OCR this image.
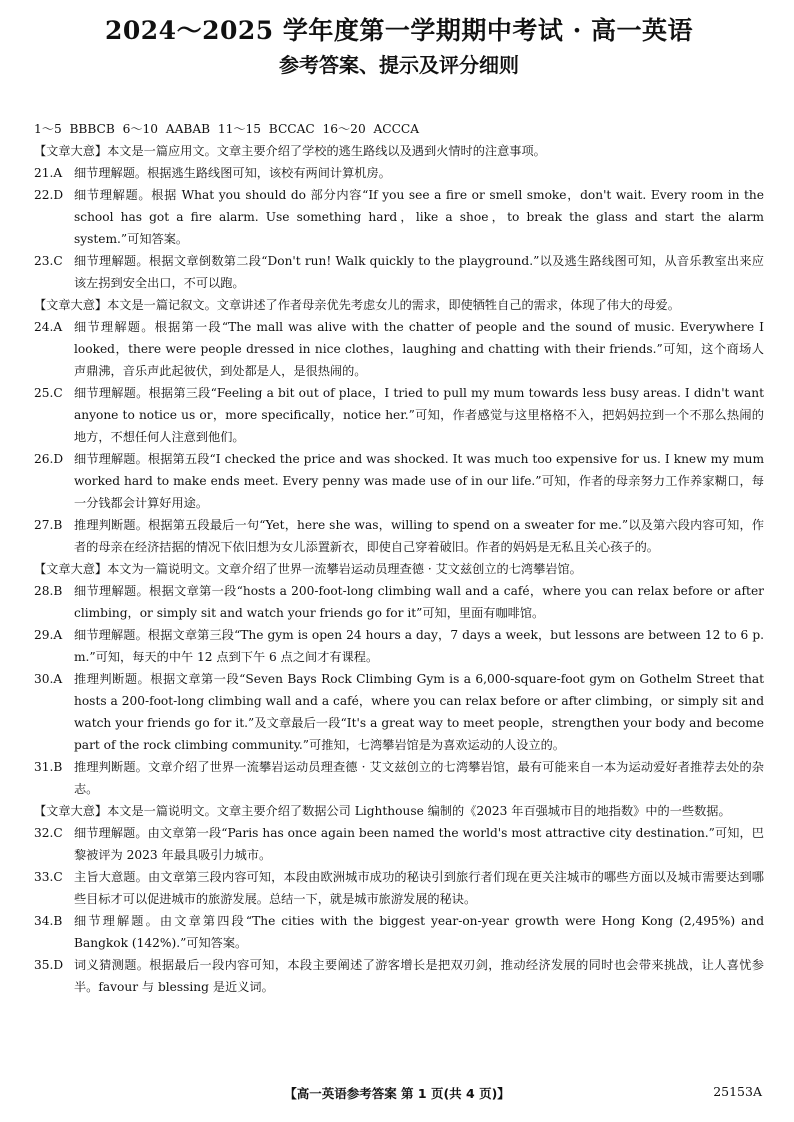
2024～2025 学年度第一学期期中考试 · 高一英语
参考答案、提示及评分细则

1～5  BBBCB  6～10  AABAB  11～15  BCCAC  16～20  ACCCA

【文章大意】本文是一篇应用文。文章主要介绍了学校的逃生路线以及遇到火情时的注意事项。

21.A 细节理解题。根据逃生路线图可知，该校有两间计算机房。
22.D 细节理解题。根据 What you should do 部分内容“If you see a fire or smell smoke，don't wait. Every room in the school has got a fire alarm. Use something hard，like a shoe，to break the glass and start the alarm system.”可知答案。
23.C 细节理解题。根据文章倒数第二段“Don't run! Walk quickly to the playground.”以及逃生路线图可知，从音乐教室出来应该左拐到安全出口，不可以跑。

【文章大意】本文是一篇记叙文。文章讲述了作者母亲优先考虑女儿的需求，即使牺牲自己的需求，体现了伟大的母爱。

24.A 细节理解题。根据第一段“The mall was alive with the chatter of people and the sound of music. Everywhere I looked，there were people dressed in nice clothes，laughing and chatting with their friends.”可知，这个商场人声鼎沸，音乐声此起彼伏，到处都是人，是很热闹的。
25.C 细节理解题。根据第三段“Feeling a bit out of place，I tried to pull my mum towards less busy areas. I didn't want anyone to notice us or，more specifically，notice her.”可知，作者感觉与这里格格不入，把妈妈拉到一个不那么热闹的地方，不想任何人注意到他们。
26.D 细节理解题。根据第五段“I checked the price and was shocked. It was much too expensive for us. I knew my mum worked hard to make ends meet. Every penny was made use of in our life.”可知，作者的母亲努力工作养家糊口，每一分钱都会计算好用途。
27.B 推理判断题。根据第五段最后一句“Yet，here she was，willing to spend on a sweater for me.”以及第六段内容可知，作者的母亲在经济拮据的情况下依旧想为女儿添置新衣，即使自己穿着破旧。作者的妈妈是无私且关心孩子的。

【文章大意】本文为一篇说明文。文章介绍了世界一流攀岩运动员理查德 · 艾文兹创立的七湾攀岩馆。

28.B 细节理解题。根据文章第一段“hosts a 200-foot-long climbing wall and a café，where you can relax before or after climbing，or simply sit and watch your friends go for it”可知，里面有咖啡馆。
29.A 细节理解题。根据文章第三段“The gym is open 24 hours a day，7 days a week，but lessons are between 12 to 6 p. m.”可知，每天的中午 12 点到下午 6 点之间才有课程。
30.A 推理判断题。根据文章第一段“Seven Bays Rock Climbing Gym is a 6,000-square-foot gym on Gothelm Street that hosts a 200-foot-long climbing wall and a café，where you can relax before or after climbing，or simply sit and watch your friends go for it.”及文章最后一段“It's a great way to meet people，strengthen your body and become part of the rock climbing community.”可推知，七湾攀岩馆是为喜欢运动的人设立的。
31.B 推理判断题。文章介绍了世界一流攀岩运动员理查德 · 艾文兹创立的七湾攀岩馆，最有可能来自一本为运动爱好者推荐去处的杂志。

【文章大意】本文是一篇说明文。文章主要介绍了数据公司 Lighthouse 编制的《2023 年百强城市目的地指数》中的一些数据。

32.C 细节理解题。由文章第一段“Paris has once again been named the world's most attractive city destination.”可知，巴黎被评为 2023 年最具吸引力城市。
33.C 主旨大意题。由文章第三段内容可知，本段由欧洲城市成功的秘诀引到旅行者们现在更关注城市的哪些方面以及城市需要达到哪些目标才可以促进城市的旅游发展。总结一下，就是城市旅游发展的秘诀。
34.B 细节理解题。由文章第四段“The cities with the biggest year-on-year growth were Hong Kong (2,495%) and Bangkok (142%).”可知答案。
35.D 词义猜测题。根据最后一段内容可知，本段主要阐述了游客增长是把双刃剑，推动经济发展的同时也会带来挑战，让人喜忧参半。favour 与 blessing 是近义词。
【高一英语参考答案 第 1 页(共 4 页)】	25153A
